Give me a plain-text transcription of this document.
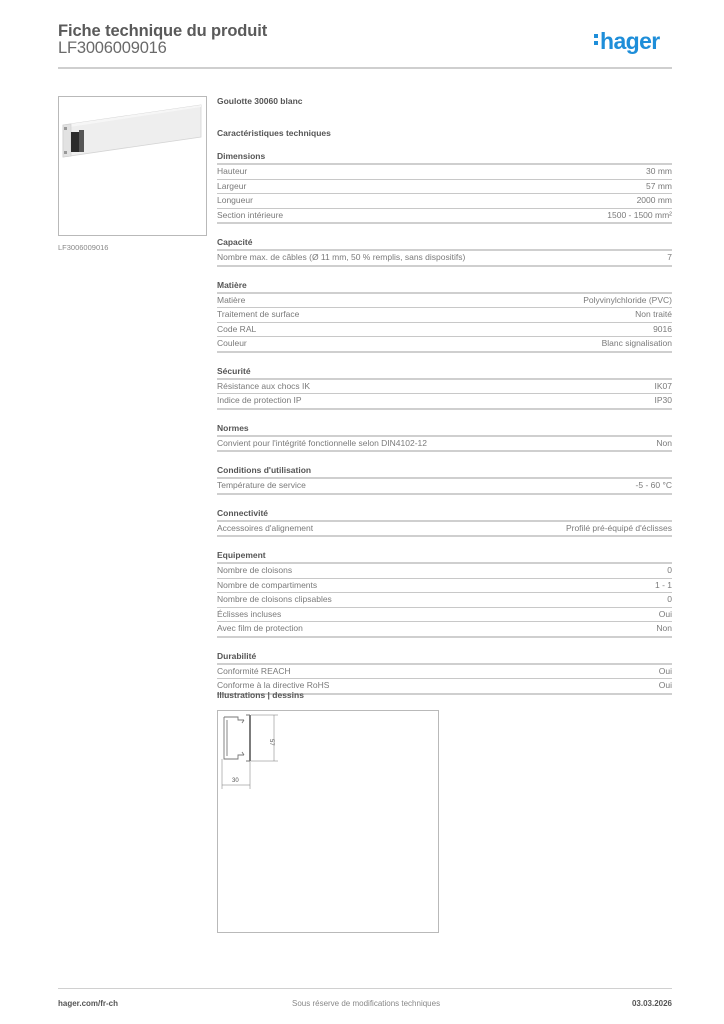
Fiche technique du produit
LF3006009016	hager
LF3006009016
Goulotte 30060 blanc
Caractéristiques techniques
Dimensions
Hauteur	30 mm
Largeur	57 mm
Longueur	2000 mm
Section intérieure	1500 - 1500 mm²
Capacité
Nombre max. de câbles (Ø 11 mm, 50 % remplis, sans dispositifs)	7
Matière
Matière	Polyvinylchloride (PVC)
Traitement de surface	Non traité
Code RAL	9016
Couleur	Blanc signalisation
Sécurité
Résistance aux chocs IK	IK07
Indice de protection IP	IP30
Normes
Convient pour l'intégrité fonctionnelle selon DIN4102-12	Non
Conditions d'utilisation
Température de service	-5 - 60 °C
Connectivité
Accessoires d'alignement	Profilé pré-équipé d'éclisses
Equipement
Nombre de cloisons	0
Nombre de compartiments	1 - 1
Nombre de cloisons clipsables	0
Éclisses incluses	Oui
Avec film de protection	Non
Durabilité
Conformité REACH	Oui
Conforme à la directive RoHS	Oui
Illustrations | dessins
57
30
hager.com/fr-ch	Sous réserve de modifications techniques	03.03.2026
